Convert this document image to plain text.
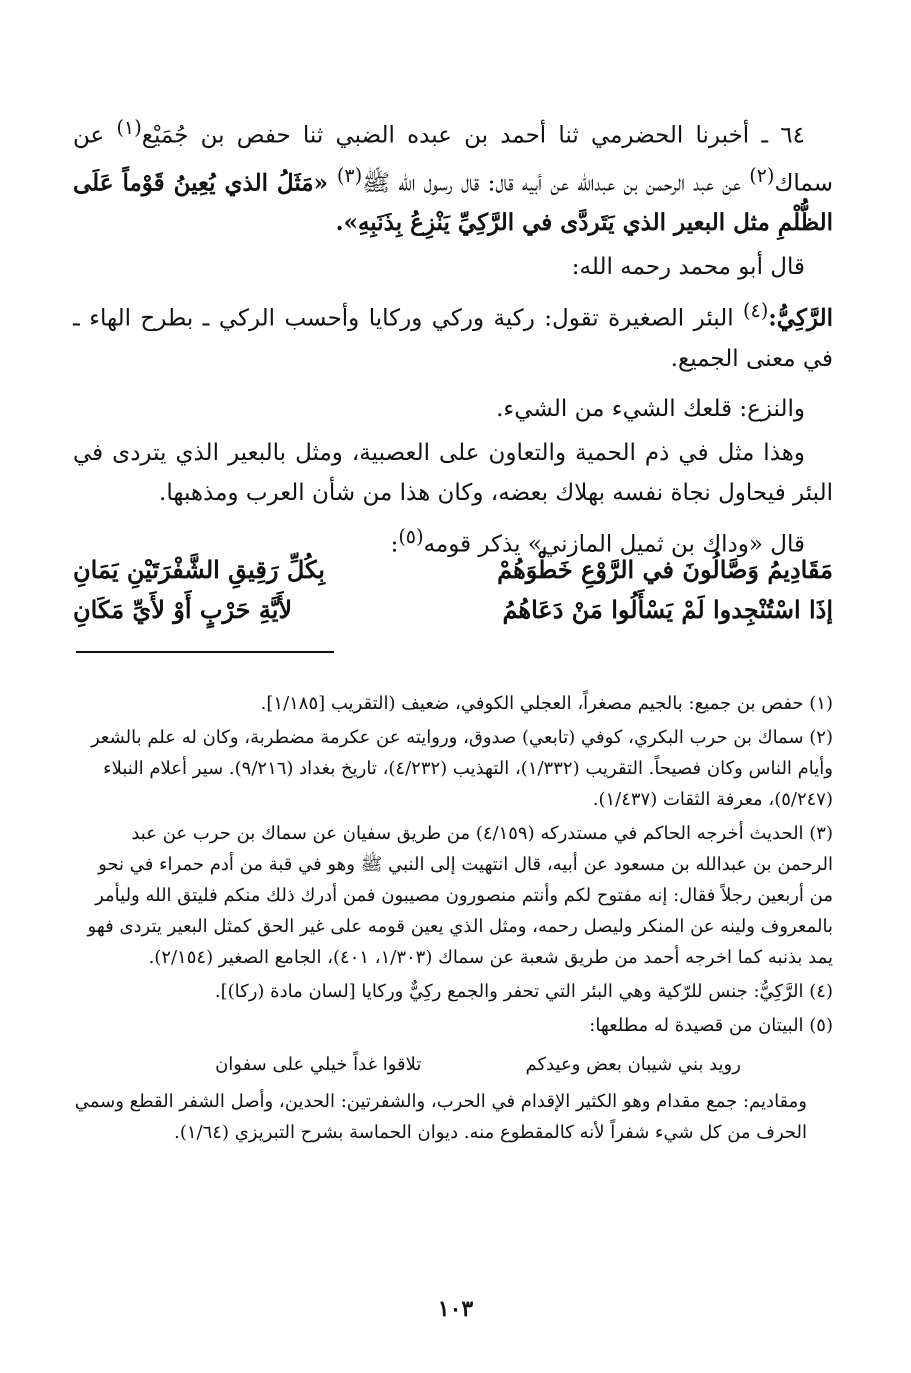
٦٤ ـ أخبرنا الحضرمي ثنا أحمد بن عبده الضبي ثنا حفص بن جُمَيْع$^{(١)}$ عن سماك$^{(٢)}$ عن عبد الرحمن بن عبدالله عن أبيه قال: قال رسول الله ﷺ$^{(٣)}$ «مَثَلُ الذي يُعِينُ قَوْماً عَلَى الظُّلْمِ مثل البعير الذي يَتَردَّى في الرَّكِيِّ يَنْزِعُ بِذَنَبِهِ».

قال أبو محمد رحمه الله:

الرَّكِيُّ:$^{(٤)}$ البئر الصغيرة تقول: ركية وركي وركايا وأحسب الركي ـ بطرح الهاء ـ في معنى الجميع.

والنزع: قلعك الشيء من الشيء.

وهذا مثل في ذم الحمية والتعاون على العصبية، ومثل بالبعير الذي يتردى في البئر فيحاول نجاة نفسه بهلاك بعضه، وكان هذا من شأن العرب ومذهبها.

قال «وداك بن ثميل المازني» يذكر قومه$^{(٥)}$:

مَقَادِيمُ وَصَّالُونَ في الرَّوْعِ خَطْوَهُمْ
بِكُلِّ رَقِيقِ الشَّفْرَتَيْنِ يَمَانِ
إذَا اسْتُنْجِدوا لَمْ يَسْأَلُوا مَنْ دَعَاهُمُ
لأَيَّةِ حَرْبٍ أَوْ لأَيِّ مَكَانِ

(١) حفص بن جميع: بالجيم مصغراً، العجلي الكوفي، ضعيف (التقريب [١/١٨٥].

(٢) سماك بن حرب البكري، كوفي (تابعي) صدوق، وروايته عن عكرمة مضطربة، وكان له علم بالشعر وأيام الناس وكان فصيحاً. التقريب (١/٣٣٢)، التهذيب (٤/٢٣٢)، تاريخ بغداد (٩/٢١٦). سير أعلام النبلاء (٥/٢٤٧)، معرفة الثقات (١/٤٣٧).

(٣) الحديث أخرجه الحاكم في مستدركه (٤/١٥٩) من طريق سفيان عن سماك بن حرب عن عبد الرحمن بن عبدالله بن مسعود عن أبيه، قال انتهيت إلى النبي ﷺ وهو في قبة من أدم حمراء في نحو من أربعين رجلاً فقال: إنه مفتوح لكم وأنتم منصورون مصيبون فمن أدرك ذلك منكم فليتق الله وليأمر بالمعروف ولينه عن المنكر وليصل رحمه، ومثل الذي يعين قومه على غير الحق كمثل البعير يتردى فهو يمد بذنبه كما اخرجه أحمد من طريق شعبة عن سماك (١/٣٠٣، ٤٠١)، الجامع الصغير (٢/١٥٤).

(٤) الرَّكِيُّ: جنس للرّكية وهي البئر التي تحفر والجمع ركِيٌّ وركايا [لسان مادة (ركا)].

(٥) البيتان من قصيدة له مطلعها:

رويد بني شيبان بعض وعيدكم
تلاقوا غداً خيلي على سفوان

ومقاديم: جمع مقدام وهو الكثير الإقدام في الحرب، والشفرتين: الحدين، وأصل الشفر القطع وسمي الحرف من كل شيء شفراً لأنه كالمقطوع منه. ديوان الحماسة بشرح التبريزي (١/٦٤).

١٠٣
